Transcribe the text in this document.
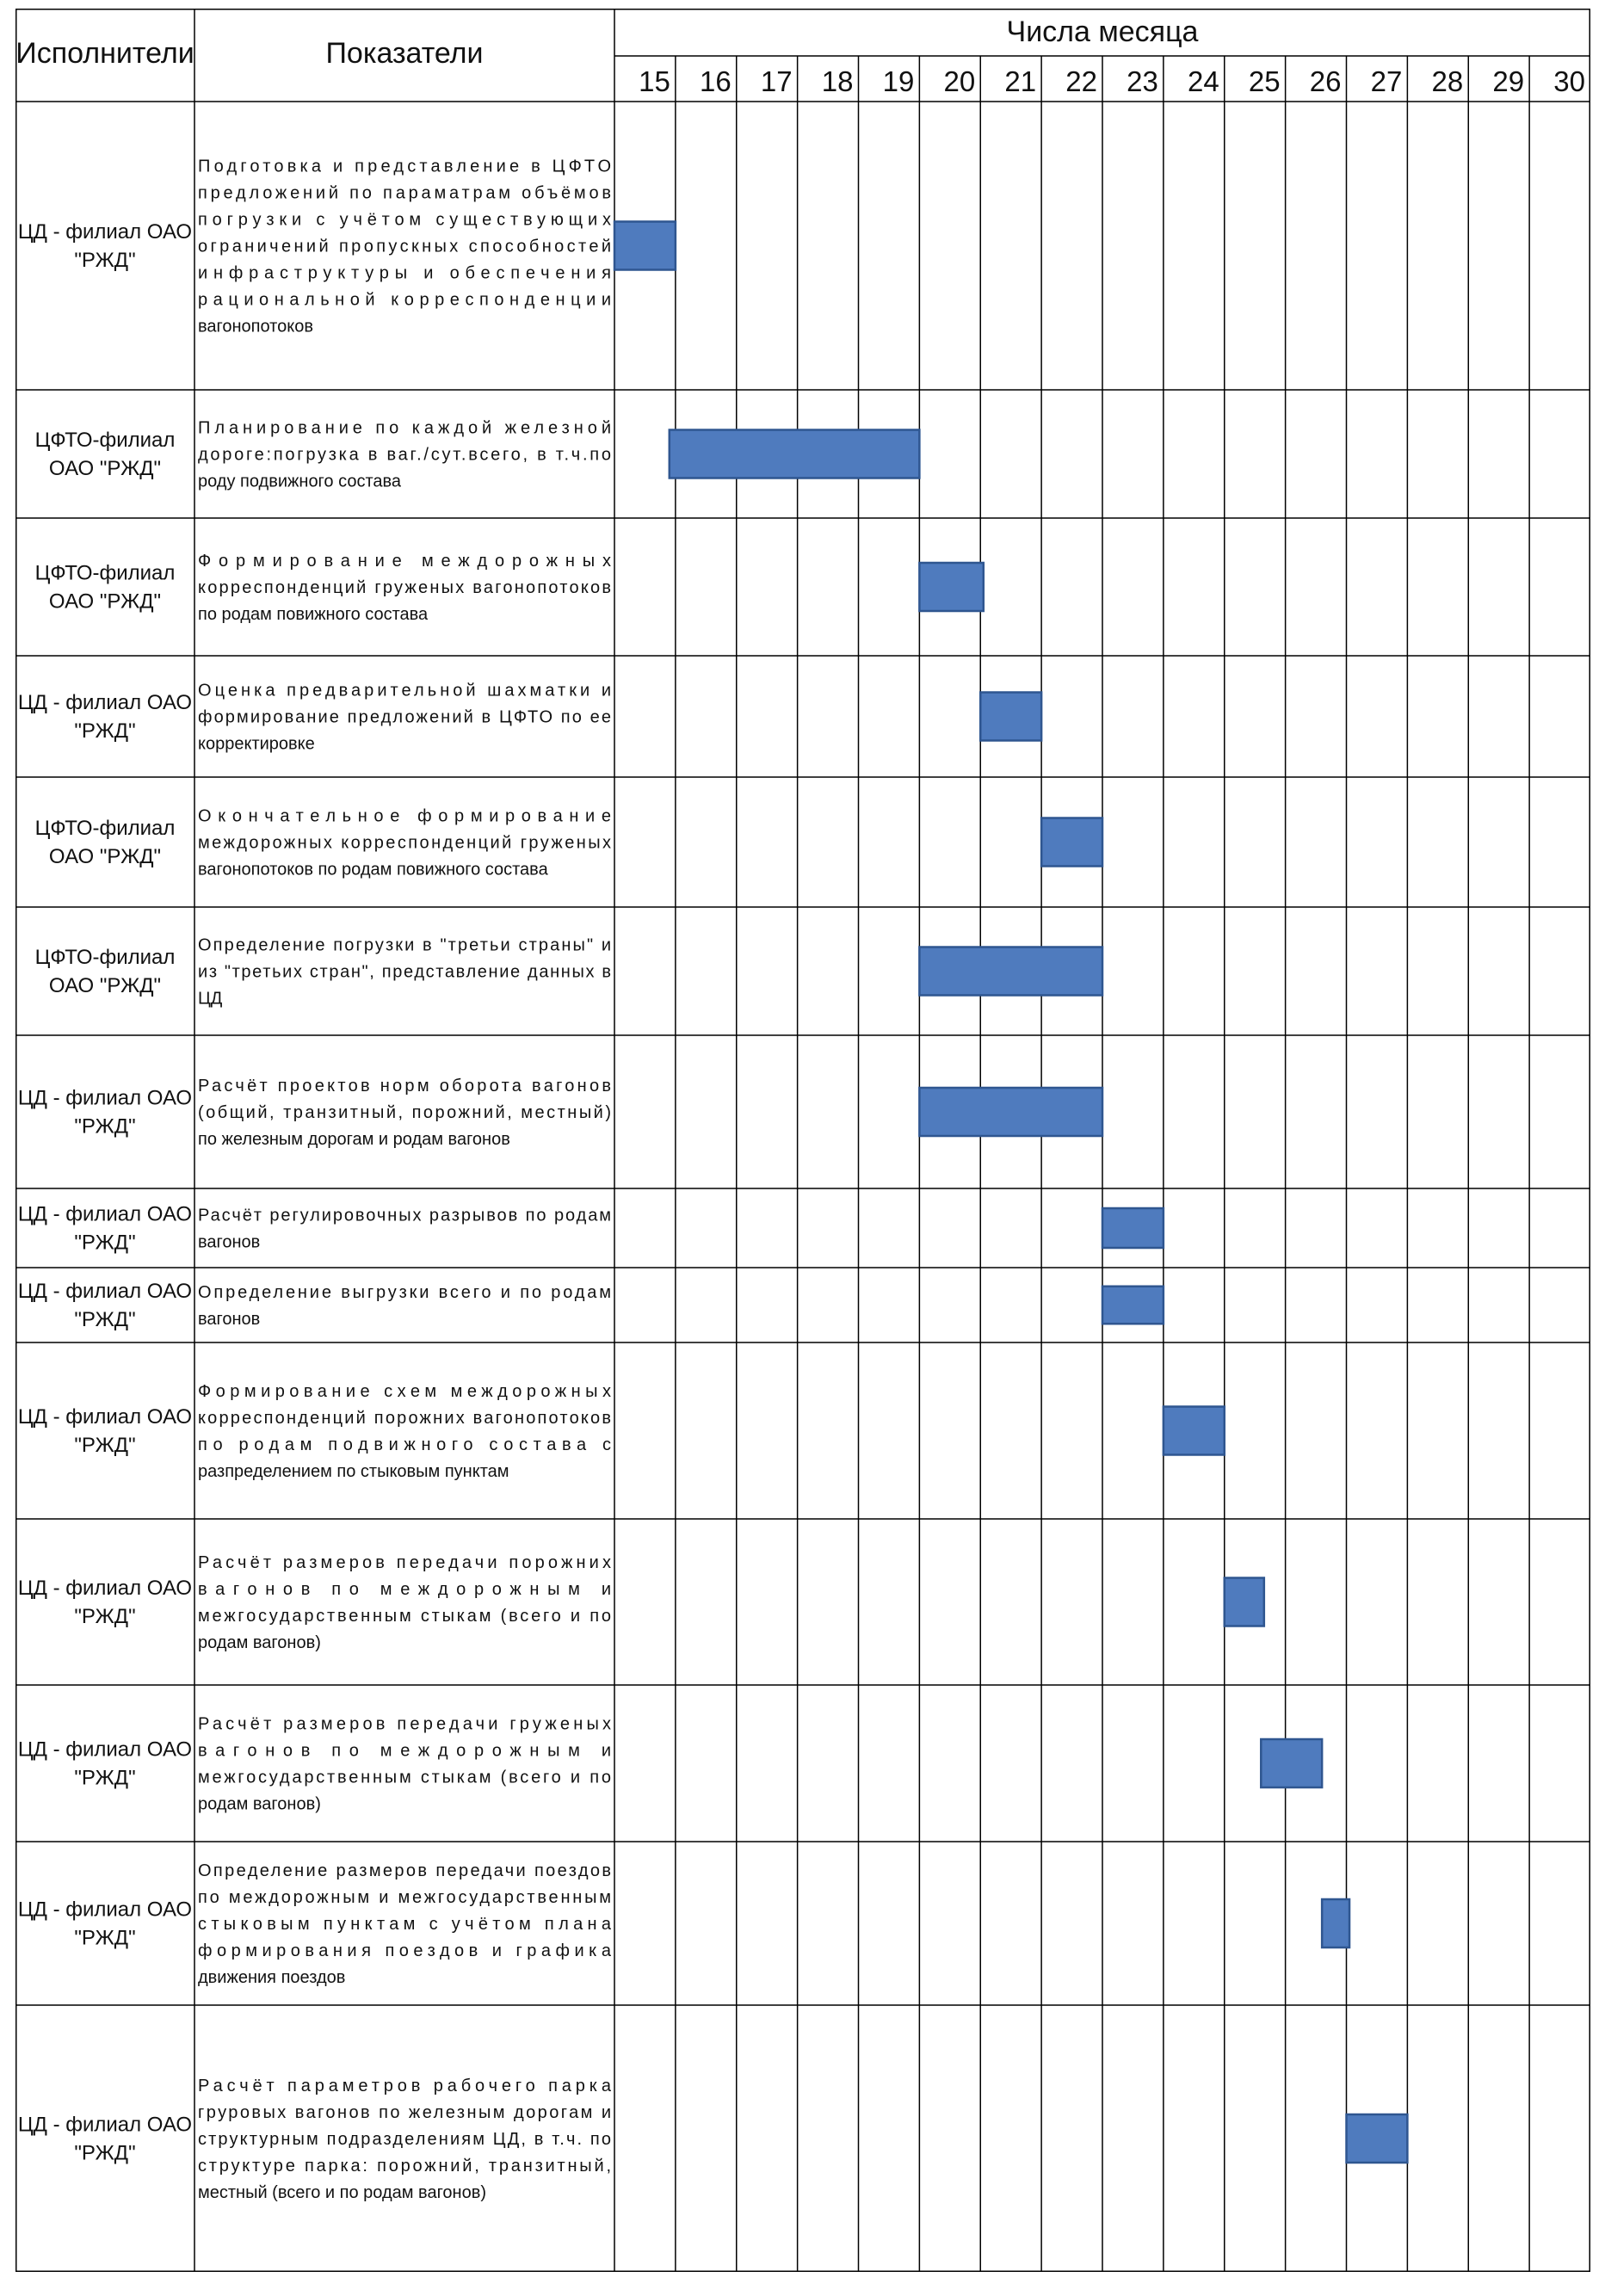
Исполнители	Показатели
Числа месяца
15 16 17 18 19 20 21 22 23 24 25 26 27 28 29 30
ЦД - филиал ОАО
"РЖД"
Подготовка и представление в ЦФТО
предложений по параматрам объёмов
погрузки с учётом существующих
ограничений пропускных способностей
инфраструктуры и обеспечения
рациональной корреспонденции
вагонопотоков
ЦФТО-филиал
ОАО "РЖД"
Планирование по каждой железной
дороге:погрузка в ваг./сут.всего, в т.ч.по
роду подвижного состава
ЦФТО-филиал
ОАО "РЖД"
Формирование междорожных
корреспонденций груженых вагонопотоков
по родам повижного состава
ЦД - филиал ОАО
"РЖД"
Оценка предварительной шахматки и
формирование предложений в ЦФТО по ее
корректировке
ЦФТО-филиал
ОАО "РЖД"
Окончательное формирование
междорожных корреспонденций груженых
вагонопотоков по родам повижного состава
ЦФТО-филиал
ОАО "РЖД"
Определение погрузки в "третьи страны" и
из "третьих стран", представление данных в
ЦД
ЦД - филиал ОАО
"РЖД"
Расчёт проектов норм оборота вагонов
(общий, транзитный, порожний, местный)
по железным дорогам и родам вагонов
ЦД - филиал ОАО
"РЖД"
Расчёт регулировочных разрывов по родам
вагонов
ЦД - филиал ОАО
"РЖД"
Определение выгрузки всего и по родам
вагонов
ЦД - филиал ОАО
"РЖД"
Формирование схем междорожных
корреспонденций порожних вагонопотоков
по родам подвижного состава с
разпределением по стыковым пунктам
ЦД - филиал ОАО
"РЖД"
Расчёт размеров передачи порожних
вагонов по междорожным и
межгосударственным стыкам (всего и по
родам вагонов)
ЦД - филиал ОАО
"РЖД"
Расчёт размеров передачи груженых
вагонов по междорожным и
межгосударственным стыкам (всего и по
родам вагонов)
ЦД - филиал ОАО
"РЖД"
Определение размеров передачи поездов
по междорожным и межгосударственным
стыковым пунктам с учётом плана
формирования поездов и графика
движения поездов
ЦД - филиал ОАО
"РЖД"
Расчёт параметров рабочего парка
груровых вагонов по железным дорогам и
структурным подразделениям ЦД, в т.ч. по
структуре парка: порожний, транзитный,
местный (всего и по родам вагонов)
